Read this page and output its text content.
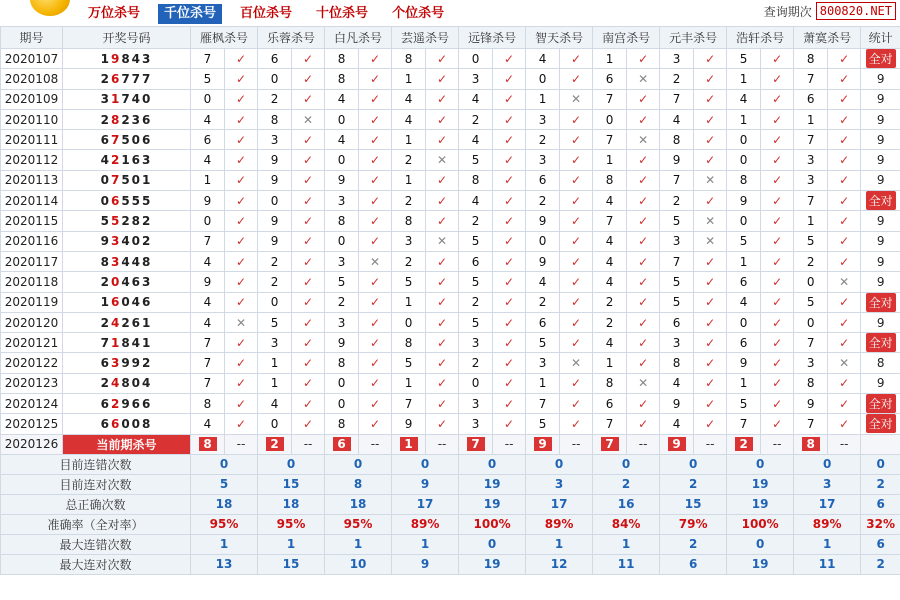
万位杀号	千位杀号	百位杀号	十位杀号	个位杀号	查询期次 800820.NET
期号	开奖号码	雁枫杀号		乐蓉杀号		白凡杀号		芸遥杀号		远锋杀号		智天杀号		南宫杀号		元丰杀号		浩轩杀号		萧寞杀号		统计
2020107	19843	7	✓	6	✓	8	✓	8	✓	0	✓	4	✓	1	✓	3	✓	5	✓	8	✓	全对
2020108	26777	5	✓	0	✓	8	✓	1	✓	3	✓	0	✓	6	✕	2	✓	1	✓	7	✓	9
2020109	31740	0	✓	2	✓	4	✓	4	✓	4	✓	1	✕	7	✓	7	✓	4	✓	6	✓	9
2020110	28236	4	✓	8	✕	0	✓	4	✓	2	✓	3	✓	0	✓	4	✓	1	✓	1	✓	9
2020111	67506	6	✓	3	✓	4	✓	1	✓	4	✓	2	✓	7	✕	8	✓	0	✓	7	✓	9
2020112	42163	4	✓	9	✓	0	✓	2	✕	5	✓	3	✓	1	✓	9	✓	0	✓	3	✓	9
2020113	07501	1	✓	9	✓	9	✓	1	✓	8	✓	6	✓	8	✓	7	✕	8	✓	3	✓	9
2020114	06555	9	✓	0	✓	3	✓	2	✓	4	✓	2	✓	4	✓	2	✓	9	✓	7	✓	全对
2020115	55282	0	✓	9	✓	8	✓	8	✓	2	✓	9	✓	7	✓	5	✕	0	✓	1	✓	9
2020116	93402	7	✓	9	✓	0	✓	3	✕	5	✓	0	✓	4	✓	3	✕	5	✓	5	✓	9
2020117	83448	4	✓	2	✓	3	✕	2	✓	6	✓	9	✓	4	✓	7	✓	1	✓	2	✓	9
2020118	20463	9	✓	2	✓	5	✓	5	✓	5	✓	4	✓	4	✓	5	✓	6	✓	0	✕	9
2020119	16046	4	✓	0	✓	2	✓	1	✓	2	✓	2	✓	2	✓	5	✓	4	✓	5	✓	全对
2020120	24261	4	✕	5	✓	3	✓	0	✓	5	✓	6	✓	2	✓	6	✓	0	✓	0	✓	9
2020121	71841	7	✓	3	✓	9	✓	8	✓	3	✓	5	✓	4	✓	3	✓	6	✓	7	✓	全对
2020122	63992	7	✓	1	✓	8	✓	5	✓	2	✓	3	✕	1	✓	8	✓	9	✓	3	✕	8
2020123	24804	7	✓	1	✓	0	✓	1	✓	0	✓	1	✓	8	✕	4	✓	1	✓	8	✓	9
2020124	62966	8	✓	4	✓	0	✓	7	✓	3	✓	7	✓	6	✓	9	✓	5	✓	9	✓	全对
2020125	66008	4	✓	0	✓	8	✓	9	✓	3	✓	5	✓	7	✓	4	✓	7	✓	7	✓	全对
2020126	当前期杀号	8	--	2	--	6	--	1	--	7	--	9	--	7	--	9	--	2	--	8	--	
目前连错次数		0		0		0		0		0		0		0		0		0		0		0
目前连对次数		5		15		8		9		19		3		2		2		19		3		2
总正确次数		18		18		18		17		19		17		16		15		19		17		6
准确率（全对率）		95%		95%		95%		89%		100%		89%		84%		79%		100%		89%		32%
最大连错次数		1		1		1		1		0		1		1		2		0		1		6
最大连对次数		13		15		10		9		19		12		11		6		19		11		2
